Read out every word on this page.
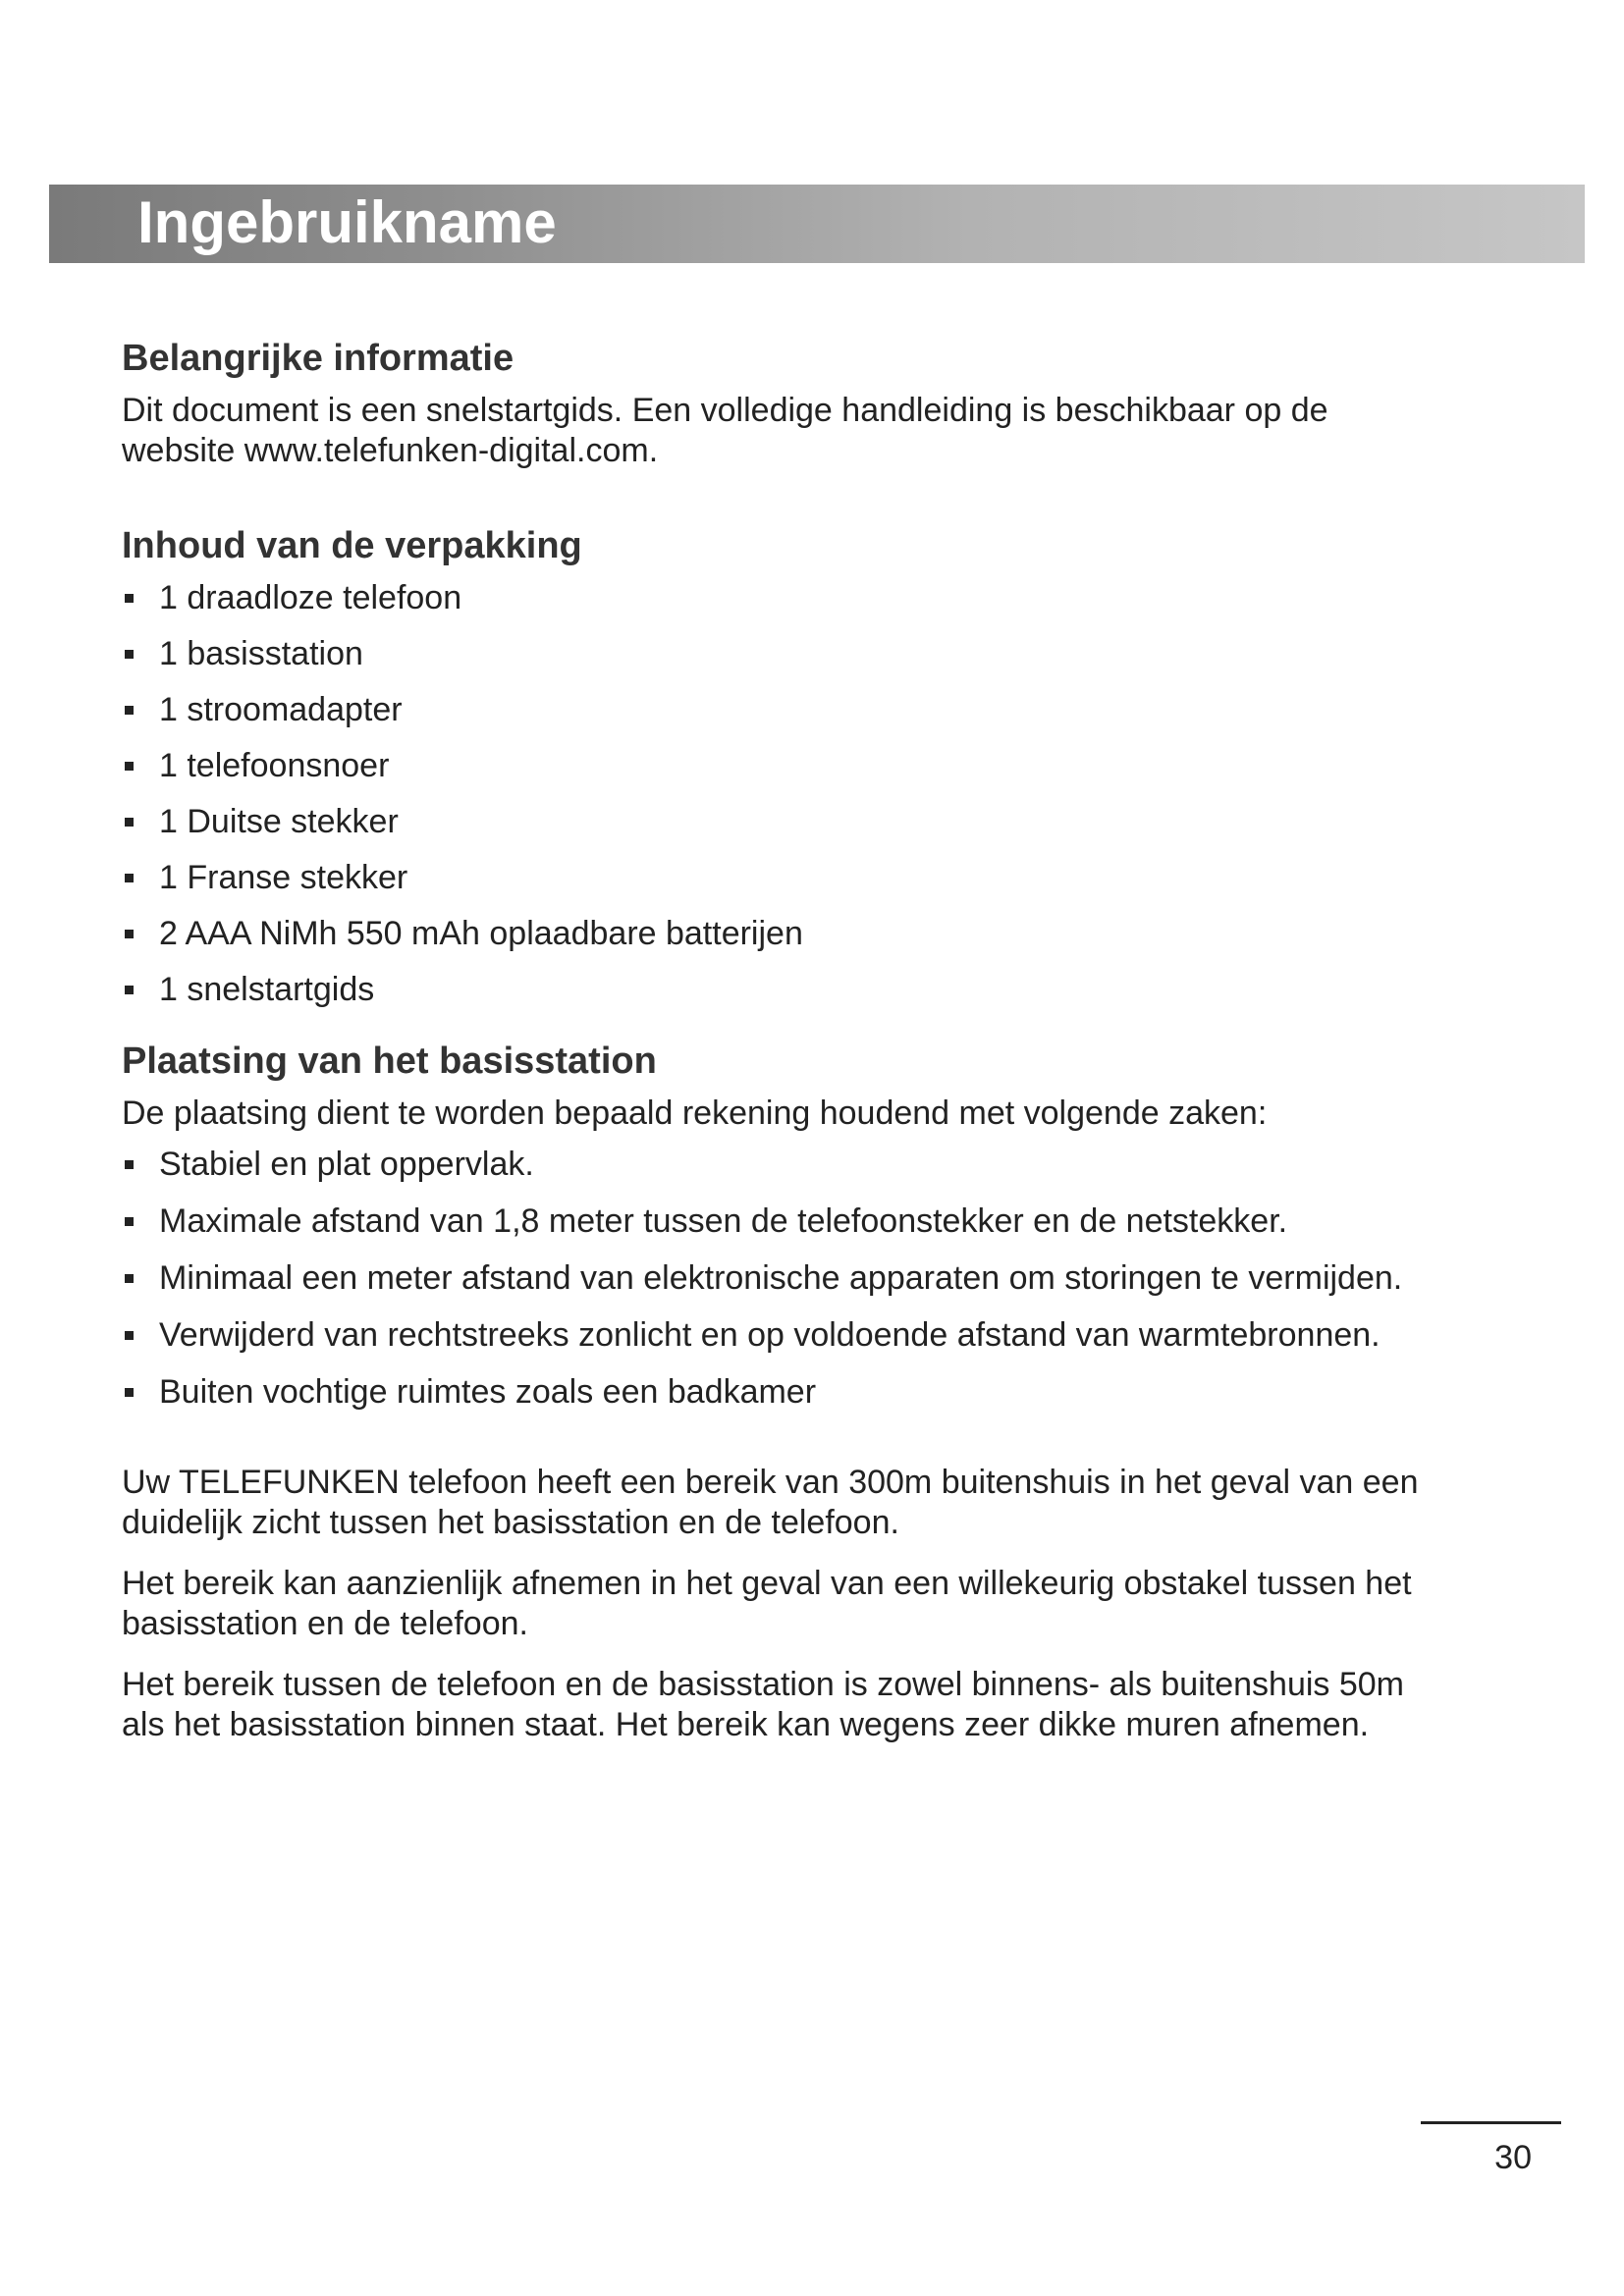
Ingebruikname
Belangrijke informatie

Dit document is een snelstartgids. Een volledige handleiding is beschikbaar op de
website www.telefunken-digital.com.

Inhoud van de verpakking
1 draadloze telefoon
1 basisstation
1 stroomadapter
1 telefoonsnoer
1 Duitse stekker
1 Franse stekker
2 AAA NiMh 550 mAh oplaadbare batterijen
1 snelstartgids
Plaatsing van het basisstation

De plaatsing dient te worden bepaald rekening houdend met volgende zaken:

Stabiel en plat oppervlak.
Maximale afstand van 1,8 meter tussen de telefoonstekker en de netstekker.
Minimaal een meter afstand van elektronische apparaten om storingen te vermijden.
Verwijderd van rechtstreeks zonlicht en op voldoende afstand van warmtebronnen.
Buiten vochtige ruimtes zoals een badkamer

Uw TELEFUNKEN telefoon heeft een bereik van 300m buitenshuis in het geval van een
duidelijk zicht tussen het basisstation en de telefoon.

Het bereik kan aanzienlijk afnemen in het geval van een willekeurig obstakel tussen het
basisstation en de telefoon.

Het bereik tussen de telefoon en de basisstation is zowel binnens- als buitenshuis 50m
als het basisstation binnen staat. Het bereik kan wegens zeer dikke muren afnemen.

30
